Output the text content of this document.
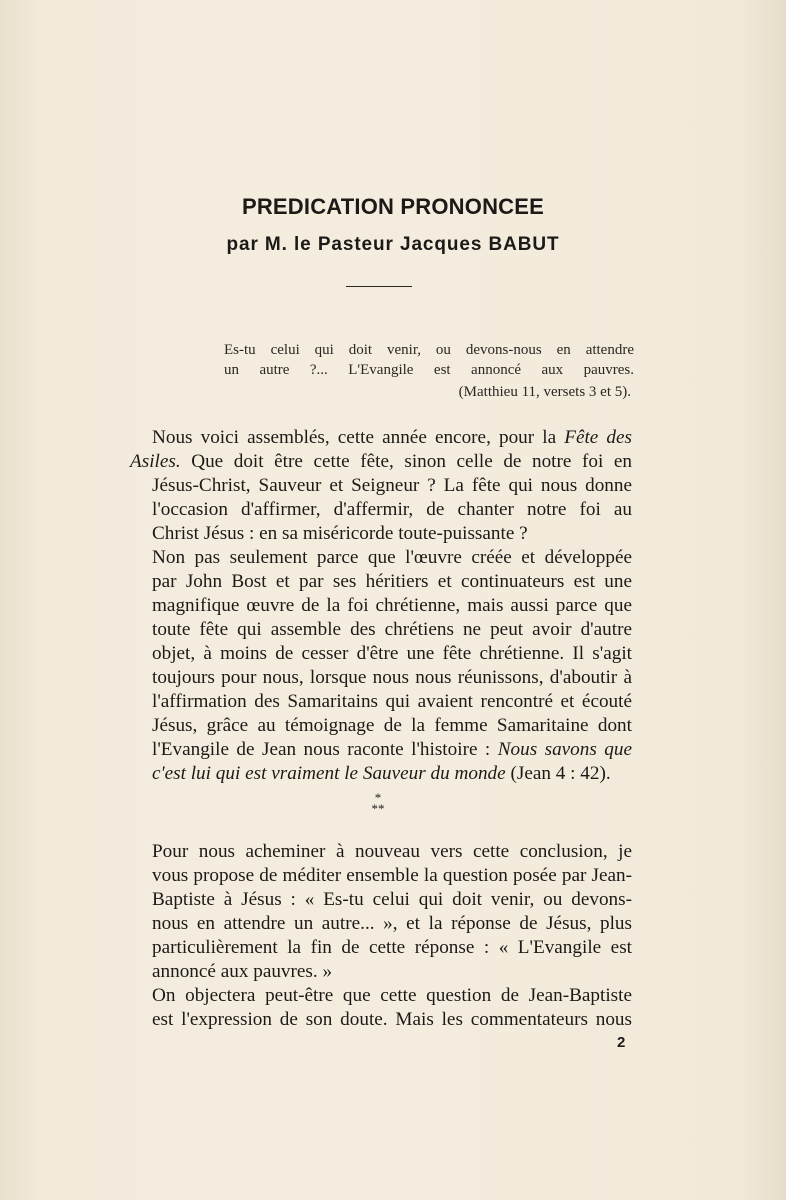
PREDICATION PRONONCEE
par M. le Pasteur Jacques BABUT
Es-tu celui qui doit venir, ou devons-nous en attendre
un autre ?... L'Evangile est annoncé aux pauvres.
(Matthieu 11, versets 3 et 5).

Nous voici assemblés, cette année encore, pour la Fête des
Asiles. Que doit être cette fête, sinon celle de notre foi en
Jésus-Christ, Sauveur et Seigneur ? La fête qui nous donne
l'occasion d'affirmer, d'affermir, de chanter notre foi au
Christ Jésus : en sa miséricorde toute-puissante ?

Non pas seulement parce que l'œuvre créée et développée
par John Bost et par ses héritiers et continuateurs est une
magnifique œuvre de la foi chrétienne, mais aussi parce que
toute fête qui assemble des chrétiens ne peut avoir d'autre
objet, à moins de cesser d'être une fête chrétienne. Il s'agit
toujours pour nous, lorsque nous nous réunissons, d'aboutir à
l'affirmation des Samaritains qui avaient rencontré et écouté
Jésus, grâce au témoignage de la femme Samaritaine dont
l'Evangile de Jean nous raconte l'histoire : Nous savons que
c'est lui qui est vraiment le Sauveur du monde (Jean 4 : 42).

*
**

Pour nous acheminer à nouveau vers cette conclusion, je
vous propose de méditer ensemble la question posée par Jean-
Baptiste à Jésus : « Es-tu celui qui doit venir, ou devons-
nous en attendre un autre... », et la réponse de Jésus, plus
particulièrement la fin de cette réponse : « L'Evangile est
annoncé aux pauvres. »

On objectera peut-être que cette question de Jean-Baptiste
est l'expression de son doute. Mais les commentateurs nous

2
